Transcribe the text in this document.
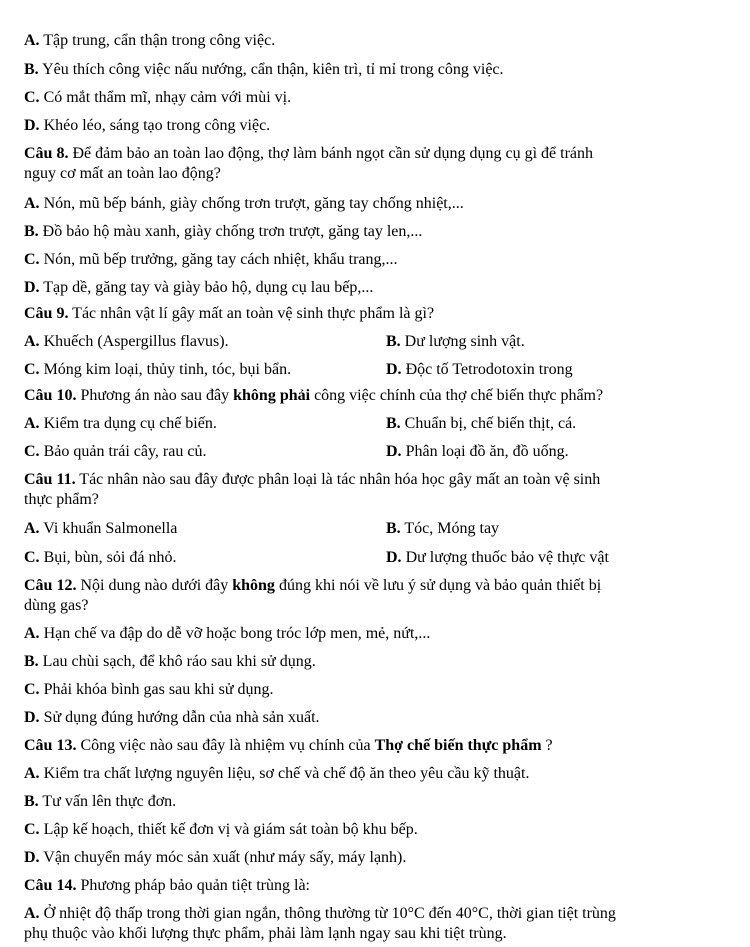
A. Tập trung, cẩn thận trong công việc.
B. Yêu thích công việc nấu nướng, cẩn thận, kiên trì, tỉ mỉ trong công việc.
C. Có mắt thẩm mĩ, nhạy cảm với mùi vị.
D. Khéo léo, sáng tạo trong công việc.
Câu 8. Để đảm bảo an toàn lao động, thợ làm bánh ngọt cần sử dụng dụng cụ gì để tránh
nguy cơ mất an toàn lao động?
A. Nón, mũ bếp bánh, giày chống trơn trượt, găng tay chống nhiệt,...
B. Đồ bảo hộ màu xanh, giày chống trơn trượt, găng tay len,...
C. Nón, mũ bếp trưởng, găng tay cách nhiệt, khẩu trang,...
D. Tạp dề, găng tay và giày bảo hộ, dụng cụ lau bếp,...
Câu 9. Tác nhân vật lí gây mất an toàn vệ sinh thực phẩm là gì?
A. Khuếch (Aspergillus flavus).	B. Dư lượng sinh vật.
C. Móng kim loại, thủy tinh, tóc, bụi bẩn.	D. Độc tố Tetrodotoxin trong
Câu 10. Phương án nào sau đây không phải công việc chính của thợ chế biến thực phẩm?
A. Kiểm tra dụng cụ chế biến.	B. Chuẩn bị, chế biến thịt, cá.
C. Bảo quản trái cây, rau củ.	D. Phân loại đồ ăn, đồ uống.
Câu 11. Tác nhân nào sau đây được phân loại là tác nhân hóa học gây mất an toàn vệ sinh
thực phẩm?
A. Vi khuẩn Salmonella	B. Tóc, Móng tay
C. Bụi, bùn, sỏi đá nhỏ.	D. Dư lượng thuốc bảo vệ thực vật
Câu 12. Nội dung nào dưới đây không đúng khi nói về lưu ý sử dụng và bảo quản thiết bị
dùng gas?
A. Hạn chế va đập do dễ vỡ hoặc bong tróc lớp men, mẻ, nứt,...
B. Lau chùi sạch, để khô ráo sau khi sử dụng.
C. Phải khóa bình gas sau khi sử dụng.
D. Sử dụng đúng hướng dẫn của nhà sản xuất.
Câu 13. Công việc nào sau đây là nhiệm vụ chính của Thợ chế biến thực phẩm ?
A. Kiểm tra chất lượng nguyên liệu, sơ chế và chế độ ăn theo yêu cầu kỹ thuật.
B. Tư vấn lên thực đơn.
C. Lập kế hoạch, thiết kế đơn vị và giám sát toàn bộ khu bếp.
D. Vận chuyển máy móc sản xuất (như máy sấy, máy lạnh).
Câu 14. Phương pháp bảo quản tiệt trùng là:
A. Ở nhiệt độ thấp trong thời gian ngắn, thông thường từ 10°C đến 40°C, thời gian tiệt trùng
phụ thuộc vào khối lượng thực phẩm, phải làm lạnh ngay sau khi tiệt trùng.
